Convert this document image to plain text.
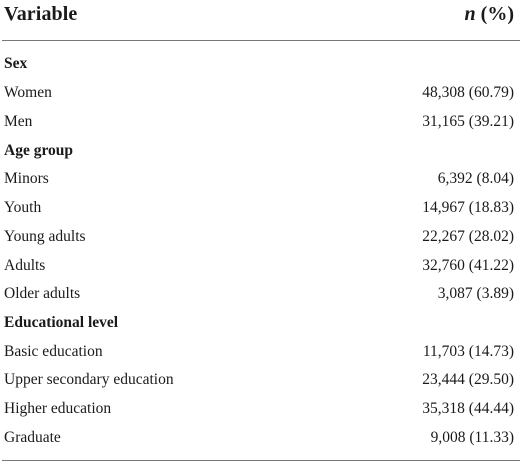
Variable	n (%)
Sex
Women	48,308 (60.79)
Men	31,165 (39.21)
Age group
Minors	6,392 (8.04)
Youth	14,967 (18.83)
Young adults	22,267 (28.02)
Adults	32,760 (41.22)
Older adults	3,087 (3.89)
Educational level
Basic education	11,703 (14.73)
Upper secondary education	23,444 (29.50)
Higher education	35,318 (44.44)
Graduate	9,008 (11.33)
